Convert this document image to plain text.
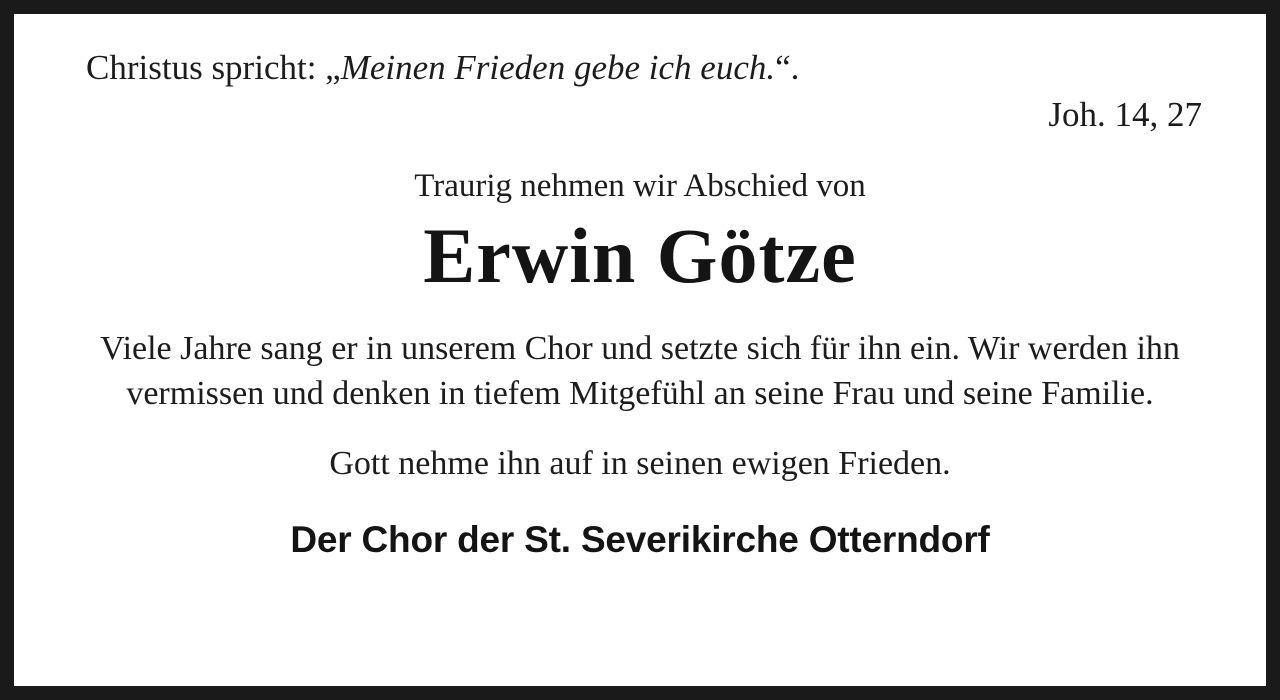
Christus spricht: „Meinen Frieden gebe ich euch.“.
Joh. 14, 27
Traurig nehmen wir Abschied von
Erwin Götze
Viele Jahre sang er in unserem Chor und setzte sich für ihn ein. Wir werden ihn vermissen und denken in tiefem Mitgefühl an seine Frau und seine Familie.
Gott nehme ihn auf in seinen ewigen Frieden.
Der Chor der St. Severikirche Otterndorf
